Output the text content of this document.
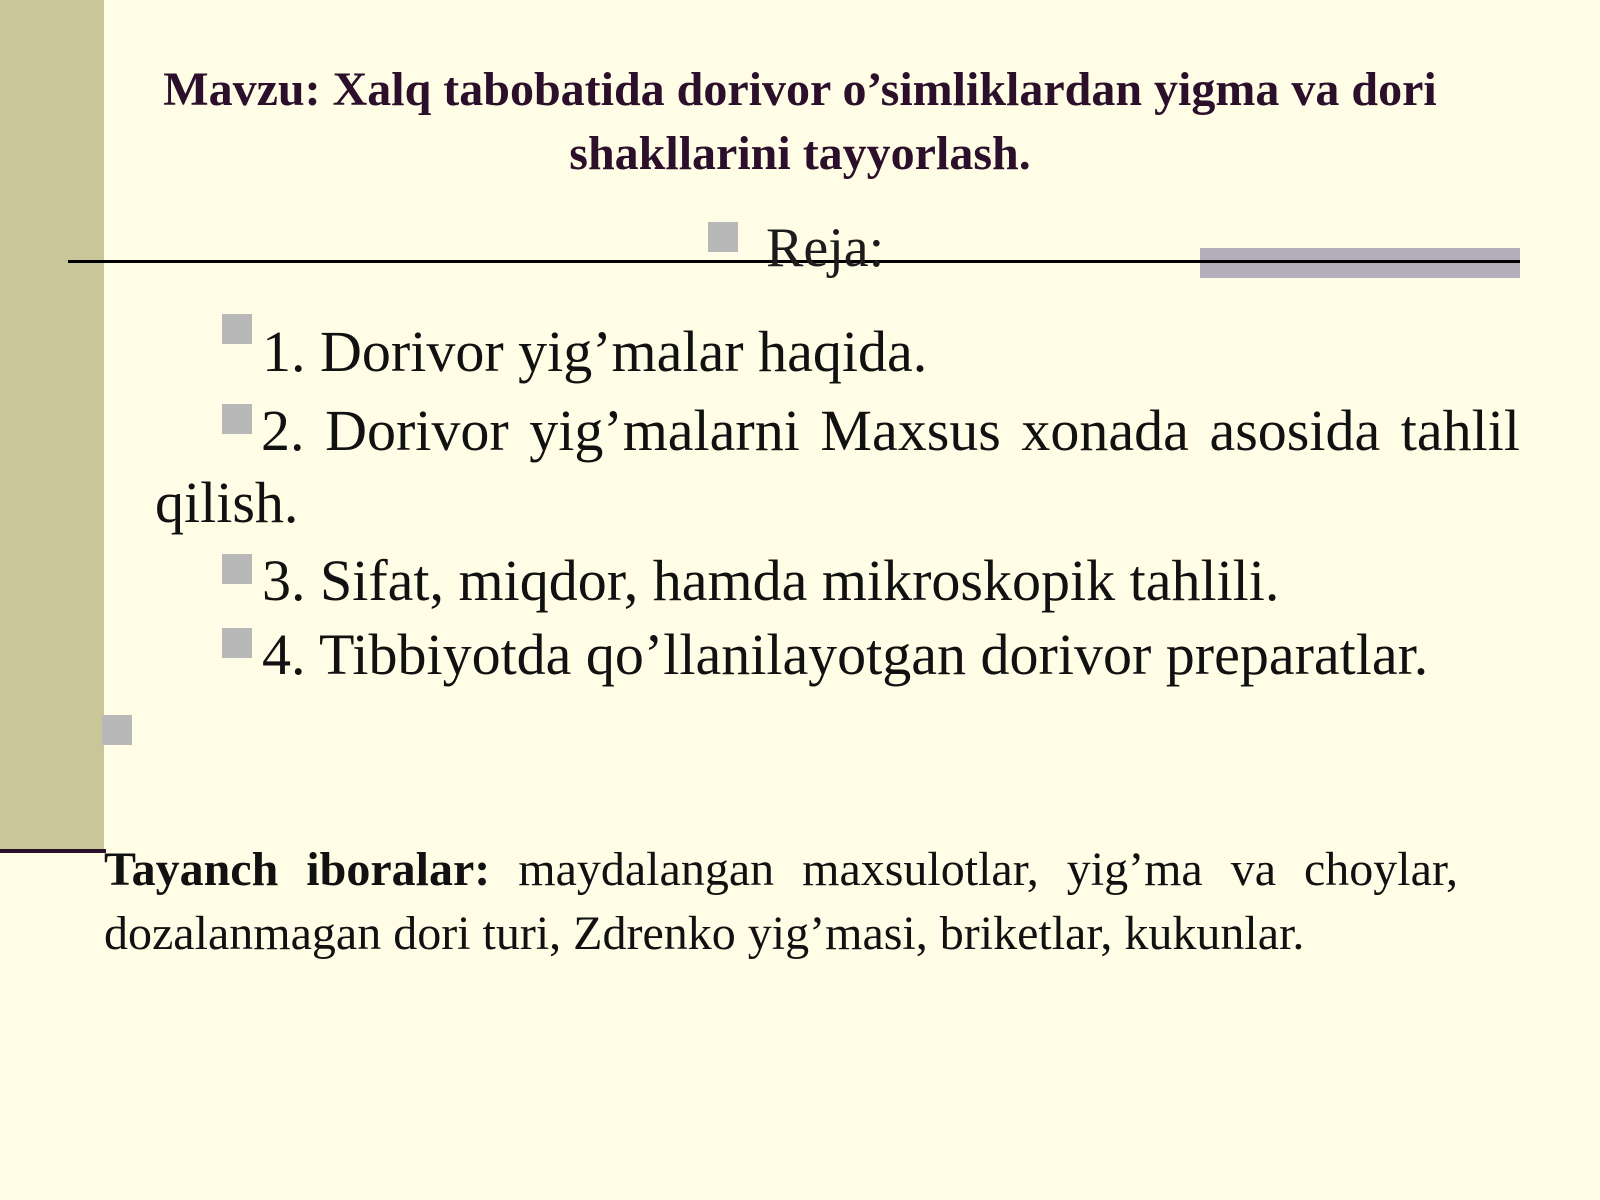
Mavzu: Xalq tabobatida dorivor o’simliklardan yigma va dori
shakllarini tayyorlash.
Reja:
1. Dorivor yig’malar haqida.
2. Dorivor yig’malarni Maxsus xonada asosida tahlil qilish.
3. Sifat, miqdor, hamda mikroskopik tahlili.
4. Tibbiyotda qo’llanilayotgan dorivor preparatlar.
Tayanch iboralar: maydalangan maxsulotlar, yig’ma va choylar, dozalanmagan dori turi, Zdrenko yig’masi, briketlar, kukunlar.
